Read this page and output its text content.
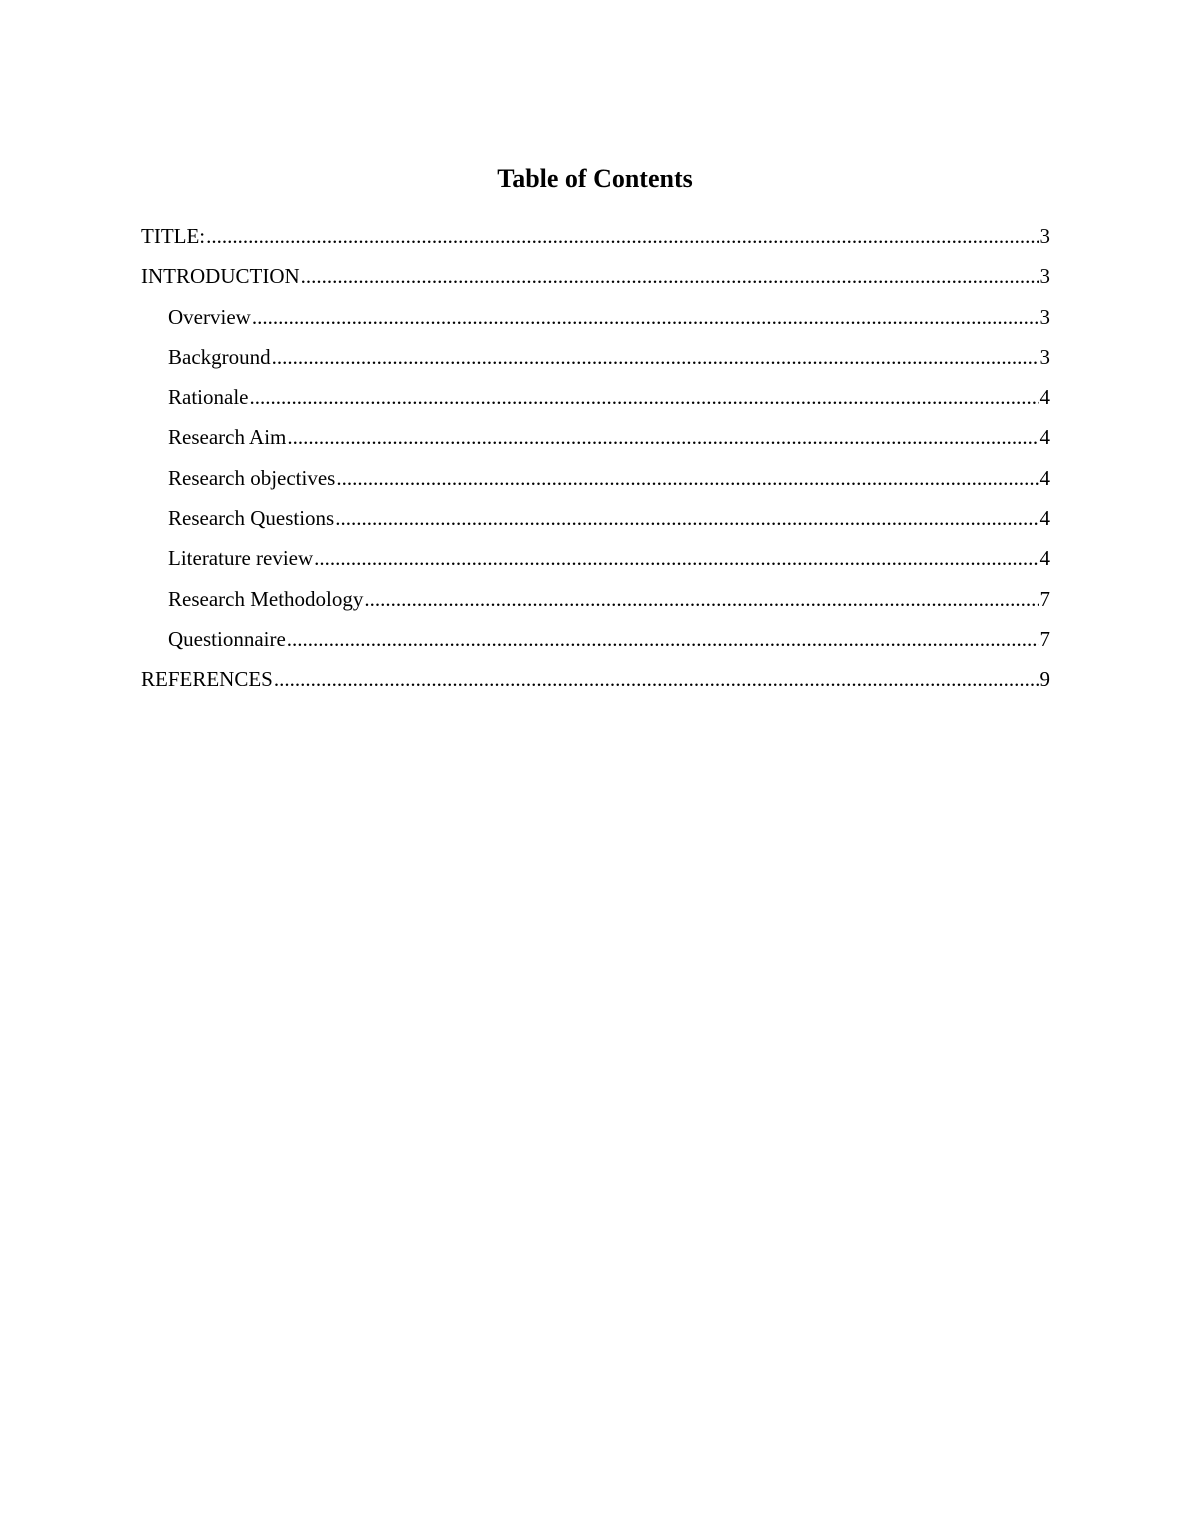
Table of Contents
TITLE: .....	3
INTRODUCTION .....	3
Overview .....	3
Background .....	3
Rationale .....	4
Research Aim .....	4
Research objectives .....	4
Research Questions .....	4
Literature review .....	4
Research Methodology .....	7
Questionnaire .....	7
REFERENCES .....	9
